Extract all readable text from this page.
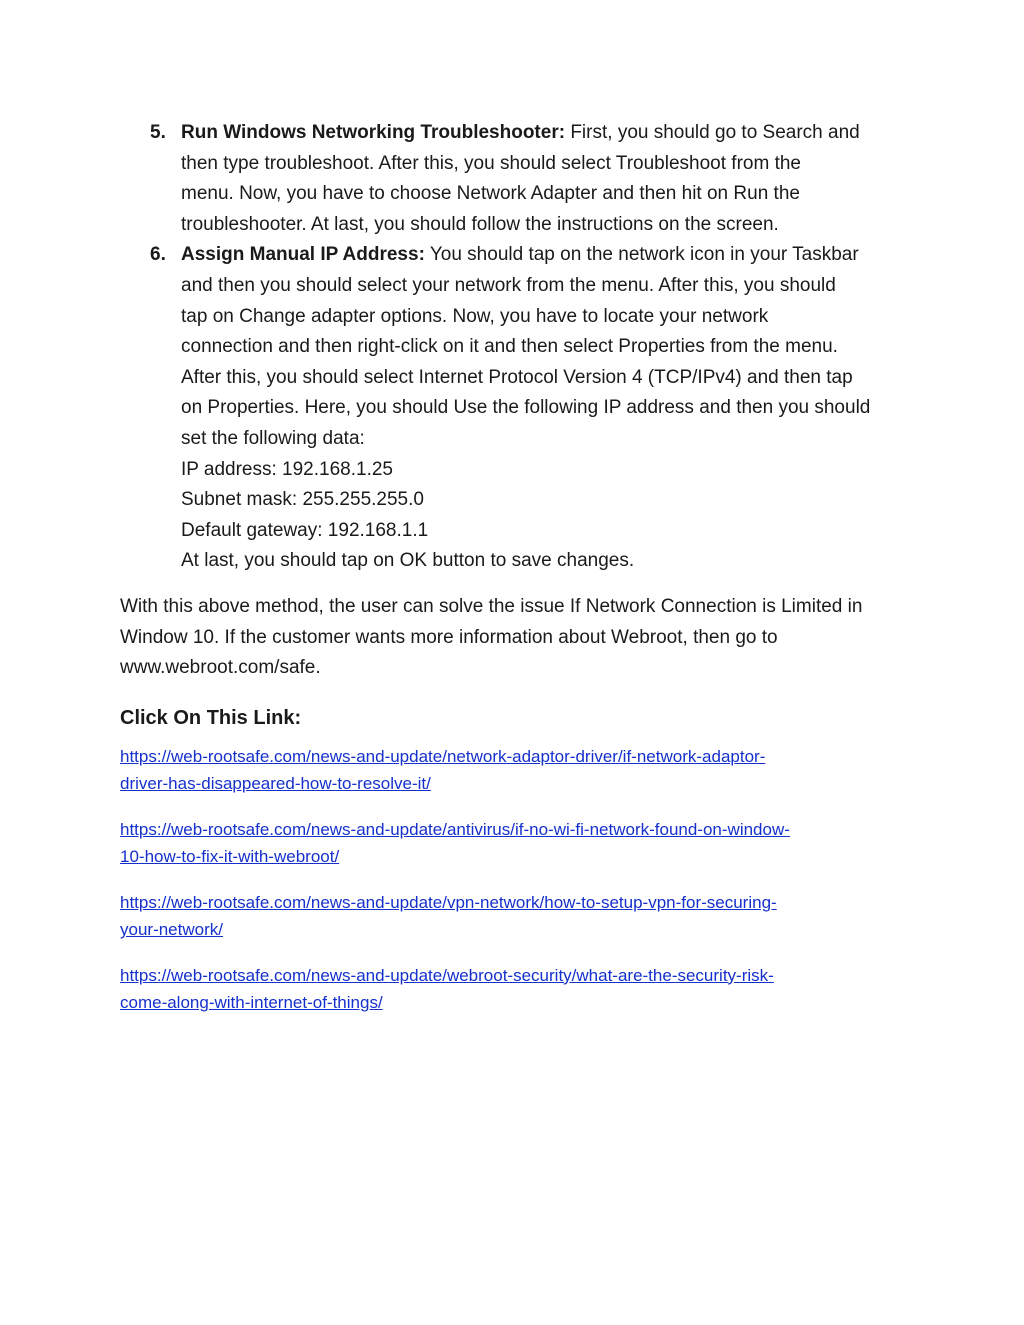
5. Run Windows Networking Troubleshooter: First, you should go to Search and
then type troubleshoot. After this, you should select Troubleshoot from the
menu. Now, you have to choose Network Adapter and then hit on Run the
troubleshooter. At last, you should follow the instructions on the screen.
6. Assign Manual IP Address: You should tap on the network icon in your Taskbar
and then you should select your network from the menu. After this, you should
tap on Change adapter options. Now, you have to locate your network
connection and then right-click on it and then select Properties from the menu.
After this, you should select Internet Protocol Version 4 (TCP/IPv4) and then tap
on Properties. Here, you should Use the following IP address and then you should
set the following data:
IP address: 192.168.1.25
Subnet mask: 255.255.255.0
Default gateway: 192.168.1.1
At last, you should tap on OK button to save changes.

With this above method, the user can solve the issue If Network Connection is Limited in
Window 10. If the customer wants more information about Webroot, then go to
www.webroot.com/safe.

Click On This Link:
https://web-rootsafe.com/news-and-update/network-adaptor-driver/if-network-adaptor-
driver-has-disappeared-how-to-resolve-it/
https://web-rootsafe.com/news-and-update/antivirus/if-no-wi-fi-network-found-on-window-
10-how-to-fix-it-with-webroot/
https://web-rootsafe.com/news-and-update/vpn-network/how-to-setup-vpn-for-securing-
your-network/
https://web-rootsafe.com/news-and-update/webroot-security/what-are-the-security-risk-
come-along-with-internet-of-things/
